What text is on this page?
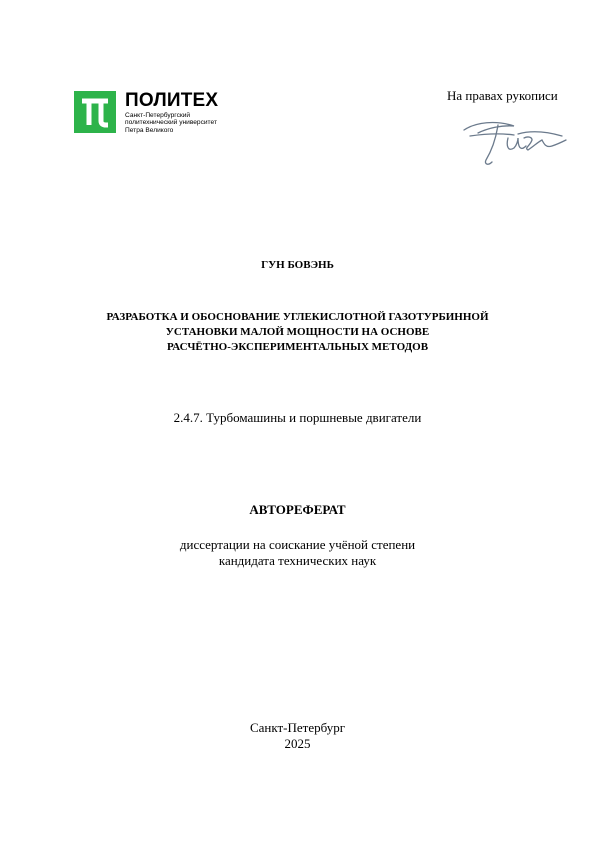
ПОЛИТЕХ
Санкт-Петербургский
политехнический университет
Петра Великого
На правах рукописи
ГУН БОВЭНЬ
РАЗРАБОТКА И ОБОСНОВАНИЕ УГЛЕКИСЛОТНОЙ ГАЗОТУРБИННОЙ
УСТАНОВКИ МАЛОЙ МОЩНОСТИ НА ОСНОВЕ
РАСЧЁТНО-ЭКСПЕРИМЕНТАЛЬНЫХ МЕТОДОВ
2.4.7. Турбомашины и поршневые двигатели
АВТОРЕФЕРАТ
диссертации на соискание учёной степени
кандидата технических наук
Санкт-Петербург
2025
